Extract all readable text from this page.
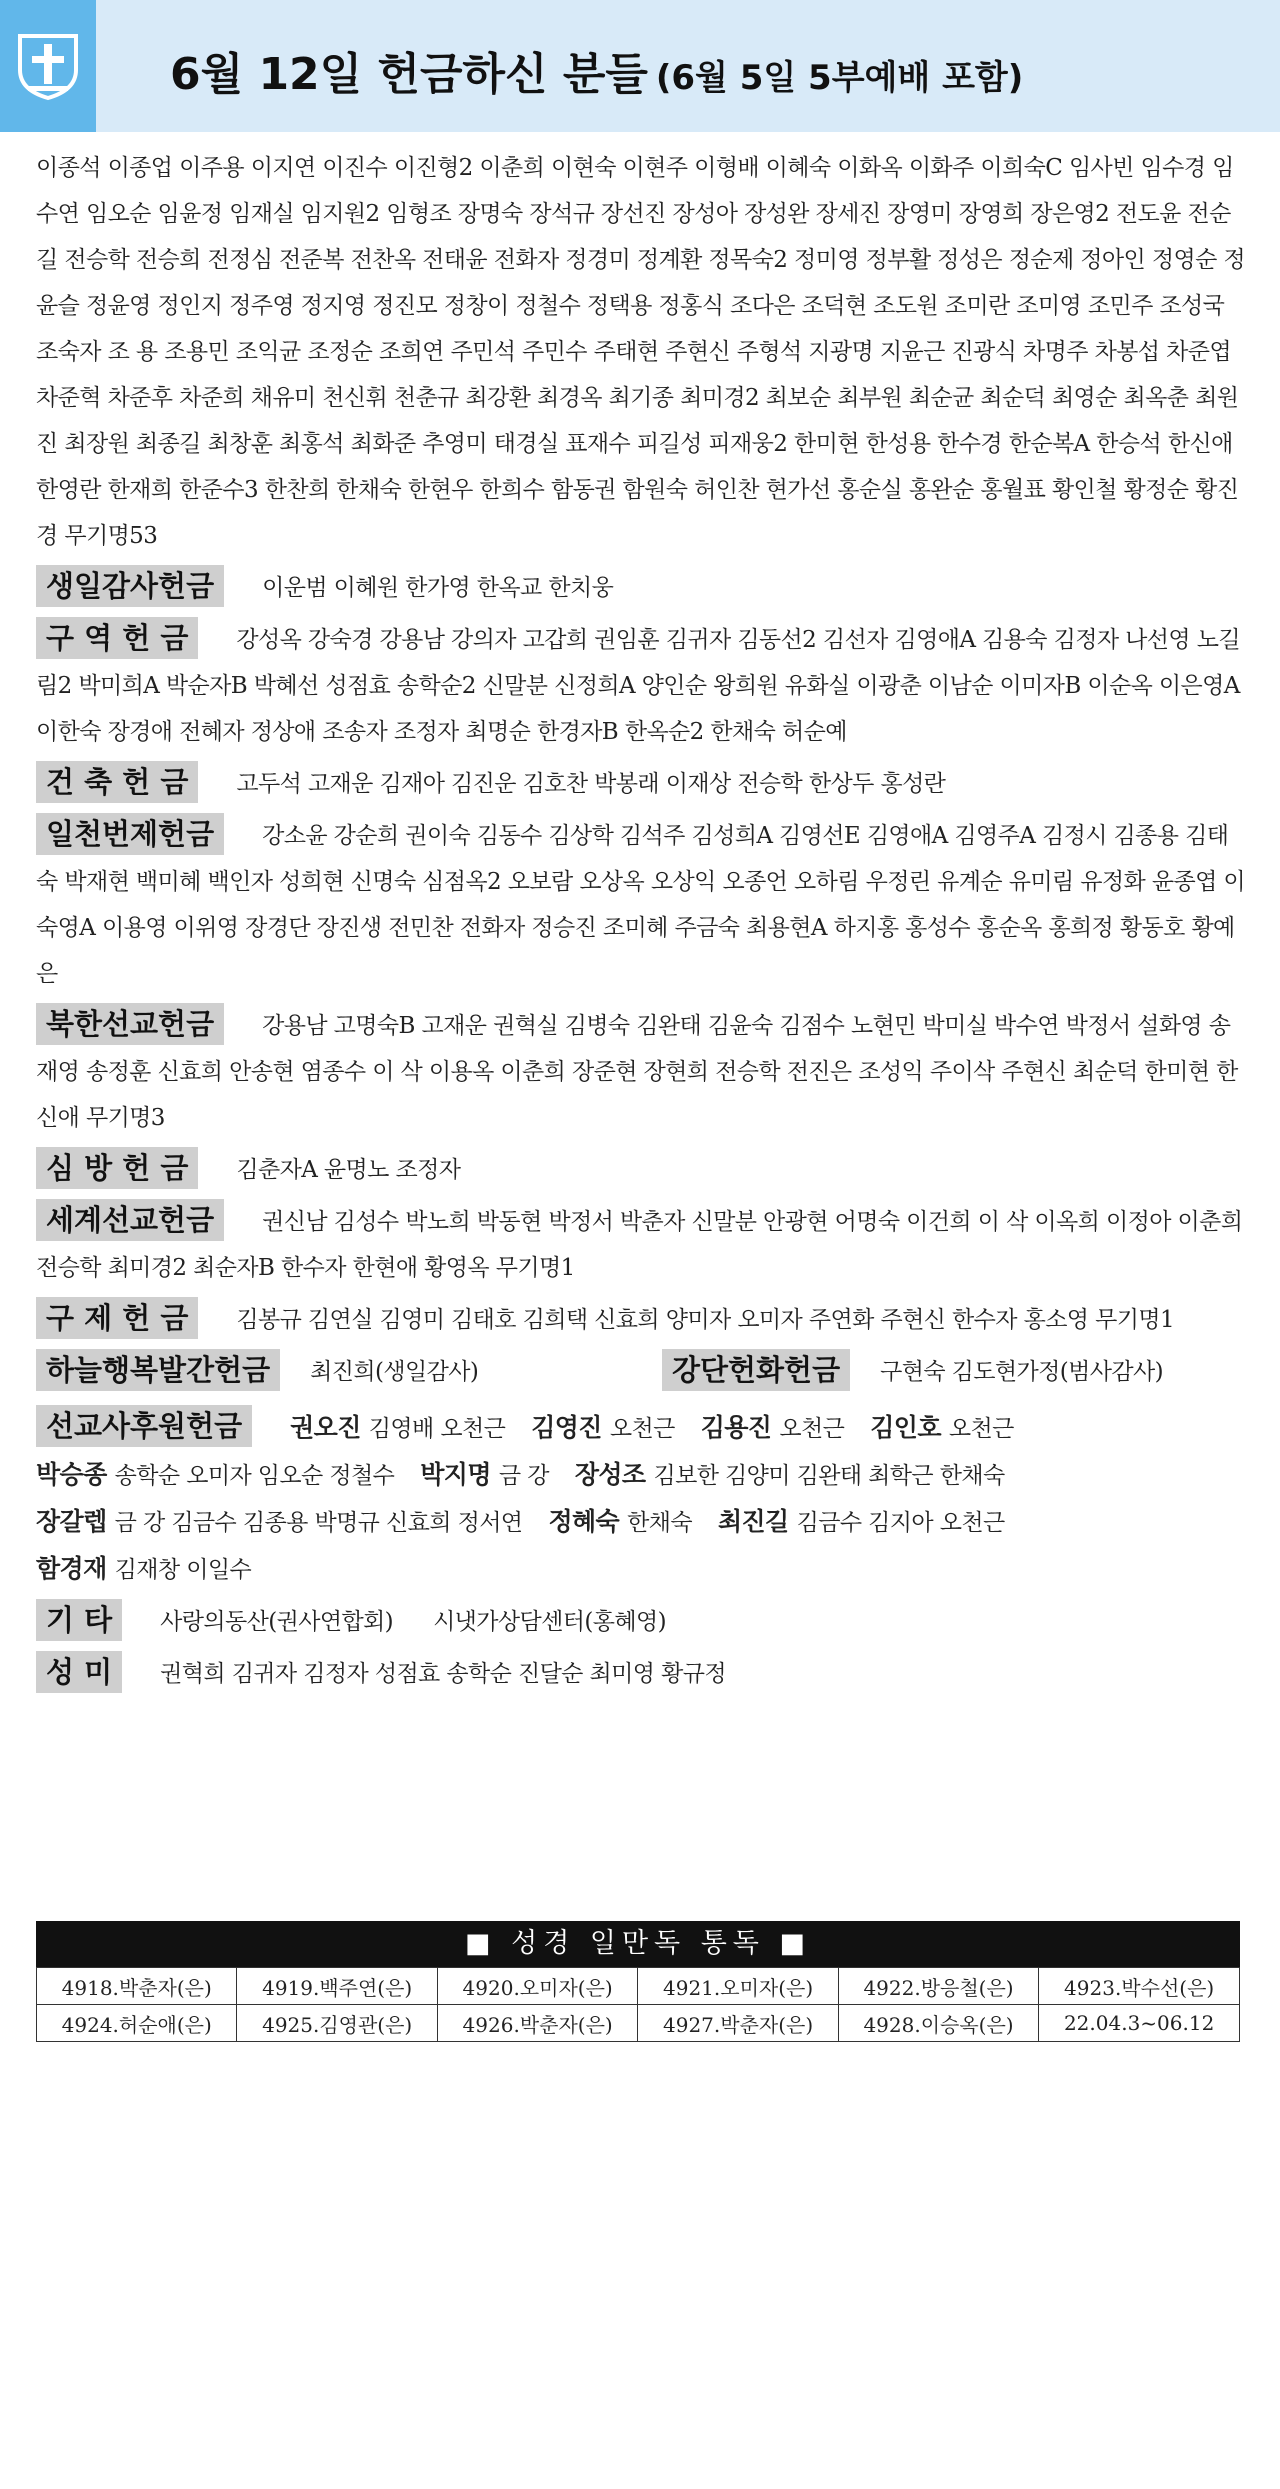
6월 12일 헌금하신 분들 (6월 5일 5부예배 포함)

이종석 이종업 이주용 이지연 이진수 이진형2 이춘희 이현숙 이현주 이형배 이혜숙 이화옥 이화주 이희숙C 임사빈 임수경 임수연 임오순 임윤정 임재실 임지원2 임형조 장명숙 장석규 장선진 장성아 장성완 장세진 장영미 장영희 장은영2 전도윤 전순길 전승학 전승희 전정심 전준복 전찬옥 전태윤 전화자 정경미 정계환 정목숙2 정미영 정부활 정성은 정순제 정아인 정영순 정윤슬 정윤영 정인지 정주영 정지영 정진모 정창이 정철수 정택용 정홍식 조다은 조덕현 조도원 조미란 조미영 조민주 조성국 조숙자 조 용 조용민 조익균 조정순 조희연 주민석 주민수 주태현 주현신 주형석 지광명 지윤근 진광식 차명주 차봉섭 차준엽 차준혁 차준후 차준희 채유미 천신휘 천춘규 최강환 최경옥 최기종 최미경2 최보순 최부원 최순균 최순덕 최영순 최옥춘 최원진 최장원 최종길 최창훈 최홍석 최화준 추영미 태경실 표재수 피길성 피재웅2 한미현 한성용 한수경 한순복A 한승석 한신애 한영란 한재희 한준수3 한찬희 한채숙 한현우 한희수 함동권 함원숙 허인찬 현가선 홍순실 홍완순 홍월표 황인철 황정순 황진경 무기명53

생일감사헌금 이운범 이혜원 한가영 한옥교 한치웅
구 역 헌 금 강성옥 강숙경 강용남 강의자 고갑희 권임훈 김귀자 김동선2 김선자 김영애A 김용숙 김정자 나선영 노길림2 박미희A 박순자B 박혜선 성점효 송학순2 신말분 신정희A 양인순 왕희원 유화실 이광춘 이남순 이미자B 이순옥 이은영A 이한숙 장경애 전혜자 정상애 조송자 조정자 최명순 한경자B 한옥순2 한채숙 허순예
건 축 헌 금 고두석 고재운 김재아 김진운 김호찬 박봉래 이재상 전승학 한상두 홍성란
일천번제헌금 강소윤 강순희 권이숙 김동수 김상학 김석주 김성희A 김영선E 김영애A 김영주A 김정시 김종용 김태숙 박재현 백미혜 백인자 성희현 신명숙 심점옥2 오보람 오상옥 오상익 오종언 오하림 우정린 유계순 유미림 유정화 윤종엽 이숙영A 이용영 이위영 장경단 장진생 전민찬 전화자 정승진 조미혜 주금숙 최용현A 하지홍 홍성수 홍순옥 홍희정 황동호 황예은
북한선교헌금 강용남 고명숙B 고재운 권혁실 김병숙 김완태 김윤숙 김점수 노현민 박미실 박수연 박정서 설화영 송재영 송정훈 신효희 안송현 염종수 이 삭 이용옥 이춘희 장준현 장현희 전승학 전진은 조성익 주이삭 주현신 최순덕 한미현 한신애 무기명3
심 방 헌 금 김춘자A 윤명노 조정자
세계선교헌금 권신남 김성수 박노희 박동현 박정서 박춘자 신말분 안광현 어명숙 이건희 이 삭 이옥희 이정아 이춘희 전승학 최미경2 최순자B 한수자 한현애 황영옥 무기명1
구 제 헌 금 김봉규 김연실 김영미 김태호 김희택 신효희 양미자 오미자 주연화 주현신 한수자 홍소영 무기명1
하늘행복발간헌금 최진희(생일감사)	강단헌화헌금 구현숙 김도현가정(범사감사)
선교사후원헌금 권오진 김영배 오천근 김영진 오천근 김용진 오천근 김인호 오천근박승종 송학순 오미자 임오순 정철수 박지명 금 강 장성조 김보한 김양미 김완태 최학근 한채숙장갈렙 금 강 김금수 김종용 박명규 신효희 정서연 정혜숙 한채숙 최진길 김금수 김지아 오천근함경재 김재창 이일수
기 타 사랑의동산(권사연합회) 시냇가상담센터(홍혜영)
성 미 권혁희 김귀자 김정자 성점효 송학순 진달순 최미영 황규정
■ 성경 일만독 통독 ■
4918.박춘자(은)	4919.백주연(은)	4920.오미자(은)	4921.오미자(은)	4922.방응철(은)	4923.박수선(은)
4924.허순애(은)	4925.김영관(은)	4926.박춘자(은)	4927.박춘자(은)	4928.이승옥(은)	22.04.3~06.12
